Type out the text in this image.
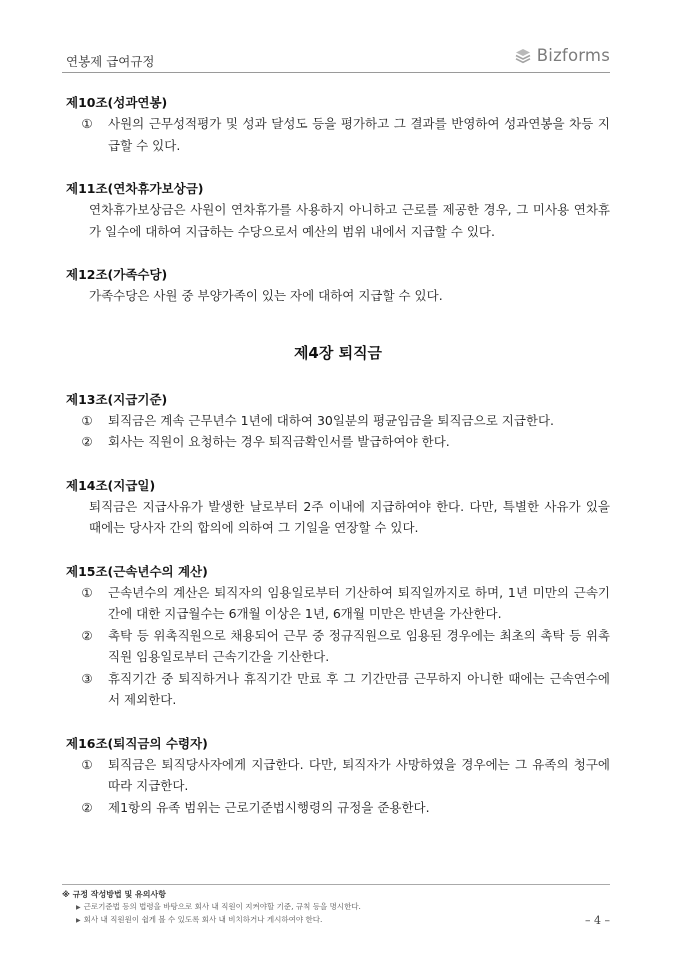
연봉제 급여규정	Bizforms
제10조(성과연봉)
①	사원의 근무성적평가 및 성과 달성도 등을 평가하고 그 결과를 반영하여 성과연봉을 차등 지급할 수 있다.
제11조(연차휴가보상금)
연차휴가보상금은 사원이 연차휴가를 사용하지 아니하고 근로를 제공한 경우, 그 미사용 연차휴가 일수에 대하여 지급하는 수당으로서 예산의 범위 내에서 지급할 수 있다.
제12조(가족수당)
가족수당은 사원 중 부양가족이 있는 자에 대하여 지급할 수 있다.
제4장 퇴직금
제13조(지급기준)
①	퇴직금은 계속 근무년수 1년에 대하여 30일분의 평균임금을 퇴직금으로 지급한다.
②	회사는 직원이 요청하는 경우 퇴직금확인서를 발급하여야 한다.
제14조(지급일)
퇴직금은 지급사유가 발생한 날로부터 2주 이내에 지급하여야 한다. 다만, 특별한 사유가 있을 때에는 당사자 간의 합의에 의하여 그 기일을 연장할 수 있다.
제15조(근속년수의 계산)
①	근속년수의 계산은 퇴직자의 임용일로부터 기산하여 퇴직일까지로 하며, 1년 미만의 근속기간에 대한 지급월수는 6개월 이상은 1년, 6개월 미만은 반년을 가산한다.
②	촉탁 등 위촉직원으로 채용되어 근무 중 정규직원으로 임용된 경우에는 최초의 촉탁 등 위촉직원 임용일로부터 근속기간을 기산한다.
③	휴직기간 중 퇴직하거나 휴직기간 만료 후 그 기간만큼 근무하지 아니한 때에는 근속연수에서 제외한다.
제16조(퇴직금의 수령자)
①	퇴직금은 퇴직당사자에게 지급한다. 다만, 퇴직자가 사망하였을 경우에는 그 유족의 청구에 따라 지급한다.
②	제1항의 유족 범위는 근로기준법시행령의 규정을 준용한다.
※ 규정 작성방법 및 유의사항
▶ 근로기준법 등의 법령을 바탕으로 회사 내 직원이 지켜야할 기준, 규칙 등을 명시한다.
▶ 회사 내 직원원이 쉽게 볼 수 있도록 회사 내 비치하거나 게시하여야 한다.	– 4 –
